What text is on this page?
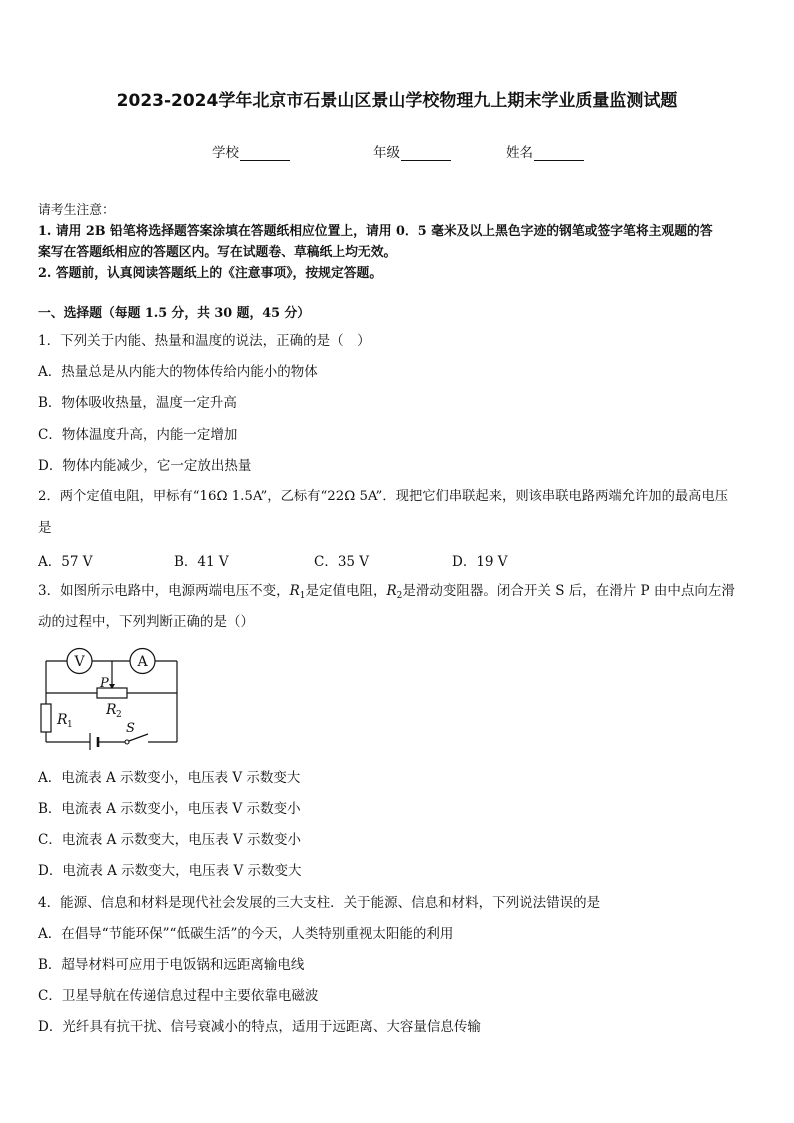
2023-2024学年北京市石景山区景山学校物理九上期末学业质量监测试题
学校	年级	姓名
请考生注意：
1. 请用 2B 铅笔将选择题答案涂填在答题纸相应位置上，请用 0．5 毫米及以上黑色字迹的钢笔或签字笔将主观题的答
案写在答题纸相应的答题区内。写在试题卷、草稿纸上均无效。
2. 答题前，认真阅读答题纸上的《注意事项》，按规定答题。
一、选择题（每题 1.5 分，共 30 题，45 分）
1．下列关于内能、热量和温度的说法，正确的是（　）
A．热量总是从内能大的物体传给内能小的物体
B．物体吸收热量，温度一定升高
C．物体温度升高，内能一定增加
D．物体内能减少，它一定放出热量
2．两个定值电阻，甲标有“16Ω 1.5A”，乙标有“22Ω 5A”．现把它们串联起来，则该串联电路两端允许加的最高电压
是
A．57 V	B．41 V	C．35 V	D．19 V
3．如图所示电路中，电源两端电压不变，$R_1$是定值电阻，$R_2$是滑动变阻器。闭合开关 S 后，在滑片 P 由中点向左滑
动的过程中，下列判断正确的是（）
V	A
P
R 2
R 1	S
A．电流表 A 示数变小，电压表 V 示数变大
B．电流表 A 示数变小，电压表 V 示数变小
C．电流表 A 示数变大，电压表 V 示数变小
D．电流表 A 示数变大，电压表 V 示数变大
4．能源、信息和材料是现代社会发展的三大支柱．关于能源、信息和材料，下列说法错误的是
A．在倡导“节能环保”“低碳生活”的今天，人类特别重视太阳能的利用
B．超导材料可应用于电饭锅和远距离输电线
C．卫星导航在传递信息过程中主要依靠电磁波
D．光纤具有抗干扰、信号衰减小的特点，适用于远距离、大容量信息传输
